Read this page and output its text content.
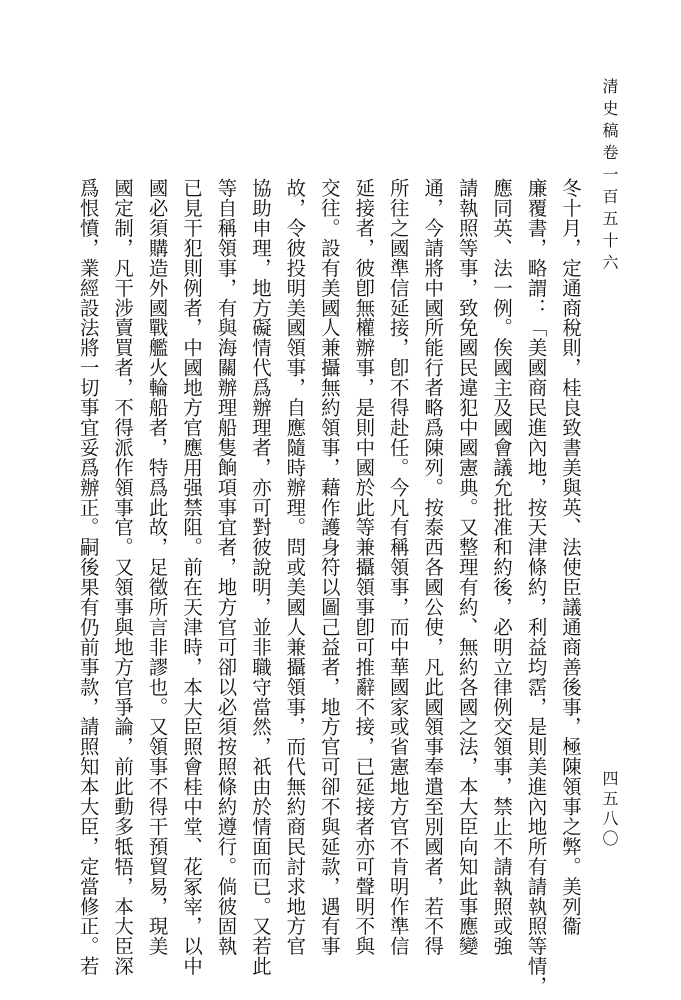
清史稿卷一百五十六
四五八〇
冬十月，定通商稅則，桂良致書美與英、法使臣議通商善後事，極陳領事之弊。美列衞
廉覆書，略謂：「美國商民進內地，按天津條約，利益均霑，是則美進內地所有請執照等情，
應同英、法一例。俟國主及國會議允批准和約後，必明立律例交領事，禁止不請執照或強
請執照等事，致免國民違犯中國憲典。又整理有約、無約各國之法，本大臣向知此事應變
通，今請將中國所能行者略爲陳列。按泰西各國公使，凡此國領事奉遣至別國者，若不得
所往之國準信延接，卽不得赴任。今凡有稱領事，而中華國家或省憲地方官不肯明作準信
延接者，彼卽無權辦事，是則中國於此等兼攝領事卽可推辭不接，已延接者亦可聲明不與
交往。設有美國人兼攝無約領事，藉作護身符以圖己益者，地方官可卻不與延款，遇有事
故，令彼投明美國領事，自應隨時辦理。問或美國人兼攝領事，而代無約商民討求地方官
協助申理，地方礙情代爲辦理者，亦可對彼說明，並非職守當然，祇由於情面而已。又若此
等自稱領事，有與海關辦理船隻餉項事宜者，地方官可卻以必須按照條約遵行。倘彼固執
已見干犯則例者，中國地方官應用强禁阻。前在天津時，本大臣照會桂中堂、花冢宰，以中
國必須購造外國戰艦火輪船者，特爲此故，足徵所言非謬也。又領事不得干預貿易，現美
國定制，凡干涉賣買者，不得派作領事官。又領事與地方官爭論，前此動多牴牾，本大臣深
爲恨憤，業經設法將一切事宜妥爲辦正。嗣後果有仍前事款，請照知本大臣，定當修正。若
